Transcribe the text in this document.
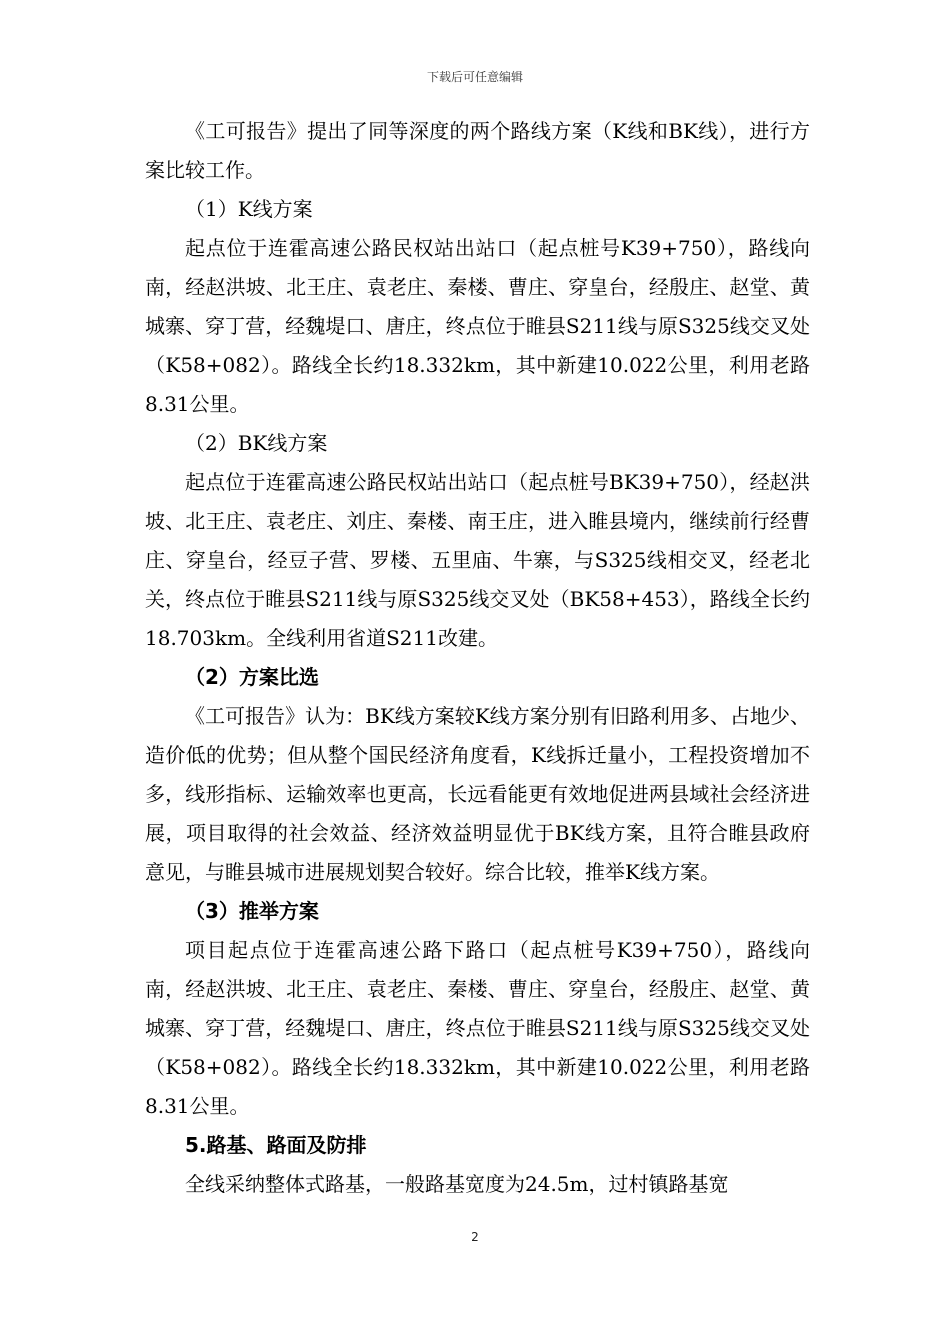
下载后可任意编辑

《工可报告》提出了同等深度的两个路线方案（K线和BK线），进行方案比较工作。

（1）K线方案

起点位于连霍高速公路民权站出站口（起点桩号K39+750），路线向南，经赵洪坡、北王庄、袁老庄、秦楼、曹庄、穿皇台，经殷庄、赵堂、黄城寨、穿丁营，经魏堤口、唐庄，终点位于睢县S211线与原S325线交叉处（K58+082）。路线全长约18.332km，其中新建10.022公里，利用老路8.31公里。

（2）BK线方案

起点位于连霍高速公路民权站出站口（起点桩号BK39+750），经赵洪坡、北王庄、袁老庄、刘庄、秦楼、南王庄，进入睢县境内，继续前行经曹庄、穿皇台，经豆子营、罗楼、五里庙、牛寨，与S325线相交叉，经老北关，终点位于睢县S211线与原S325线交叉处（BK58+453），路线全长约18.703km。全线利用省道S211改建。

（2）方案比选

《工可报告》认为：BK线方案较K线方案分别有旧路利用多、占地少、造价低的优势；但从整个国民经济角度看，K线拆迁量小，工程投资增加不多，线形指标、运输效率也更高，长远看能更有效地促进两县域社会经济进展，项目取得的社会效益、经济效益明显优于BK线方案，且符合睢县政府意见，与睢县城市进展规划契合较好。综合比较，推举K线方案。

（3）推举方案

项目起点位于连霍高速公路下路口（起点桩号K39+750），路线向南，经赵洪坡、北王庄、袁老庄、秦楼、曹庄、穿皇台，经殷庄、赵堂、黄城寨、穿丁营，经魏堤口、唐庄，终点位于睢县S211线与原S325线交叉处（K58+082）。路线全长约18.332km，其中新建10.022公里，利用老路8.31公里。

5.路基、路面及防排

全线采纳整体式路基，一般路基宽度为24.5m，过村镇路基宽

2
